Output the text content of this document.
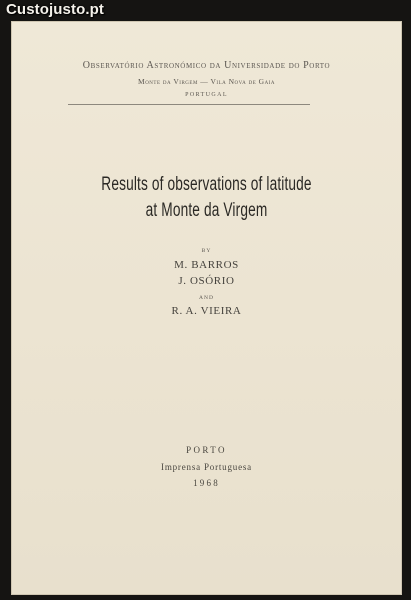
Observatório Astronómico da Universidade do Porto
Monte da Virgem — Vila Nova de Gaia
PORTUGAL
Results of observations of latitude
at Monte da Virgem
BY
M. BARROS
J. OSÓRIO
AND
R. A. VIEIRA
PORTO
Imprensa Portuguesa
1968
Custojusto.pt
